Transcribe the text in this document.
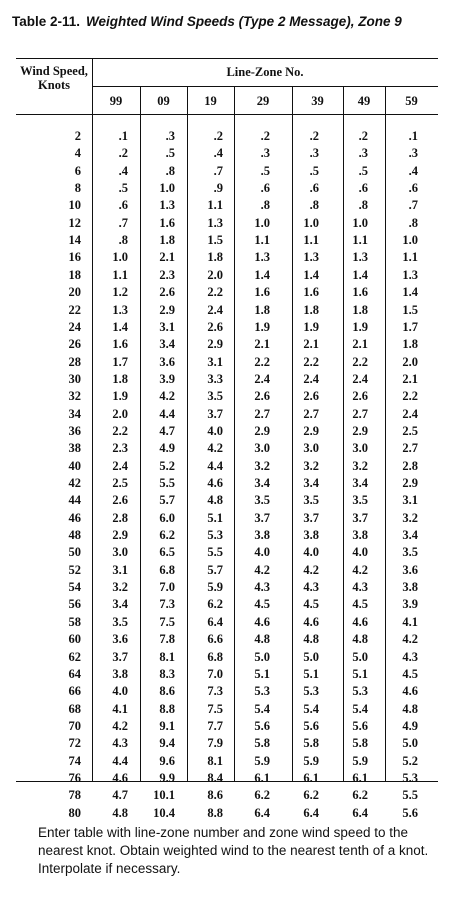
Table 2-11. Weighted Wind Speeds (Type 2 Message), Zone 9
Wind Speed, Knots
Line-Zone No.
99	09	19	29	39	49	59
2	.1	.3	.2	.2	.2	.2	.1
4	.2	.5	.4	.3	.3	.3	.3
6	.4	.8	.7	.5	.5	.5	.4
8	.5	1.0	.9	.6	.6	.6	.6
10	.6	1.3	1.1	.8	.8	.8	.7
12	.7	1.6	1.3	1.0	1.0	1.0	.8
14	.8	1.8	1.5	1.1	1.1	1.1	1.0
16	1.0	2.1	1.8	1.3	1.3	1.3	1.1
18	1.1	2.3	2.0	1.4	1.4	1.4	1.3
20	1.2	2.6	2.2	1.6	1.6	1.6	1.4
22	1.3	2.9	2.4	1.8	1.8	1.8	1.5
24	1.4	3.1	2.6	1.9	1.9	1.9	1.7
26	1.6	3.4	2.9	2.1	2.1	2.1	1.8
28	1.7	3.6	3.1	2.2	2.2	2.2	2.0
30	1.8	3.9	3.3	2.4	2.4	2.4	2.1
32	1.9	4.2	3.5	2.6	2.6	2.6	2.2
34	2.0	4.4	3.7	2.7	2.7	2.7	2.4
36	2.2	4.7	4.0	2.9	2.9	2.9	2.5
38	2.3	4.9	4.2	3.0	3.0	3.0	2.7
40	2.4	5.2	4.4	3.2	3.2	3.2	2.8
42	2.5	5.5	4.6	3.4	3.4	3.4	2.9
44	2.6	5.7	4.8	3.5	3.5	3.5	3.1
46	2.8	6.0	5.1	3.7	3.7	3.7	3.2
48	2.9	6.2	5.3	3.8	3.8	3.8	3.4
50	3.0	6.5	5.5	4.0	4.0	4.0	3.5
52	3.1	6.8	5.7	4.2	4.2	4.2	3.6
54	3.2	7.0	5.9	4.3	4.3	4.3	3.8
56	3.4	7.3	6.2	4.5	4.5	4.5	3.9
58	3.5	7.5	6.4	4.6	4.6	4.6	4.1
60	3.6	7.8	6.6	4.8	4.8	4.8	4.2
62	3.7	8.1	6.8	5.0	5.0	5.0	4.3
64	3.8	8.3	7.0	5.1	5.1	5.1	4.5
66	4.0	8.6	7.3	5.3	5.3	5.3	4.6
68	4.1	8.8	7.5	5.4	5.4	5.4	4.8
70	4.2	9.1	7.7	5.6	5.6	5.6	4.9
72	4.3	9.4	7.9	5.8	5.8	5.8	5.0
74	4.4	9.6	8.1	5.9	5.9	5.9	5.2
76	4.6	9.9	8.4	6.1	6.1	6.1	5.3
78	4.7	10.1	8.6	6.2	6.2	6.2	5.5
80	4.8	10.4	8.8	6.4	6.4	6.4	5.6
Enter table with line-zone number and zone wind speed to the nearest knot. Obtain weighted wind to the nearest tenth of a knot. Interpolate if necessary.
